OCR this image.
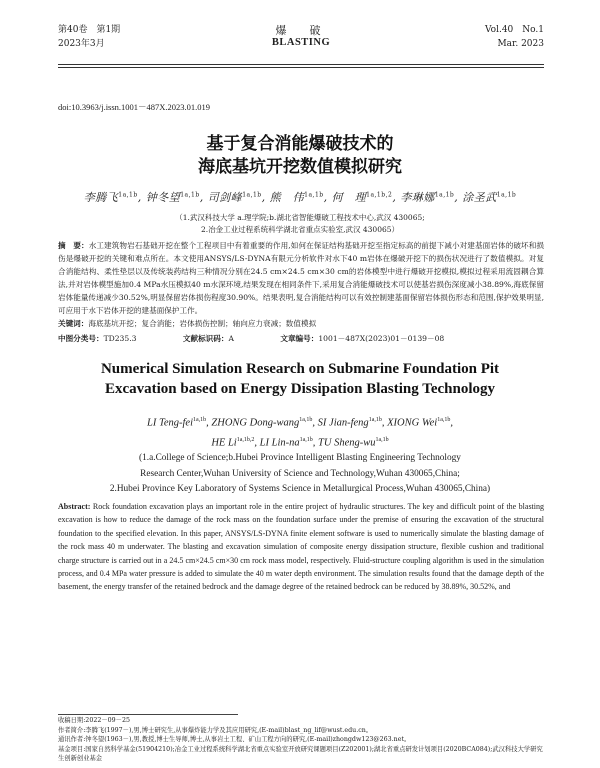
第40卷　第1期
2023年3月
爆　破
BLASTING
Vol.40　No.1
Mar. 2023
doi:10.3963/j.issn.1001－487X.2023.01.019
基于复合消能爆破技术的
海底基坑开挖数值模拟研究
李腾飞$^{1a,1b}$, 钟冬望$^{1a,1b}$, 司剑峰$^{1a,1b}$, 熊　伟$^{1a,1b}$, 何　理$^{1a,1b,2}$, 李琳娜$^{1a,1b}$, 涂圣武$^{1a,1b}$
（1.武汉科技大学 a.理学院;b.湖北省智能爆破工程技术中心,武汉 430065;
2.冶金工业过程系统科学湖北省重点实验室,武汉 430065）
摘　要：水工建筑物岩石基础开挖在整个工程项目中有着重要的作用,如何在保证结构基础开挖至指定标高的前提下减小对建基面岩体的破坏和损伤是爆破开挖的关键和难点所在。本文使用ANSYS/LS-DYNA有限元分析软件对水下40 m岩体在爆破开挖下的损伤状况进行了数值模拟。对复合消能结构、柔性垫层以及传统装药结构三种情况分别在24.5 cm×24.5 cm×30 cm的岩体模型中进行爆破开挖模拟,模拟过程采用流固耦合算法,并对岩体模型施加0.4 MPa水压模拟40 m水深环境,结果发现在相同条件下,采用复合消能爆破技术可以使基岩损伤深度减小38.89%,海底保留岩体能量传递减少30.52%,明显保留岩体损伤程度30.90%。结果表明,复合消能结构可以有效控制建基面保留岩体损伤形态和范围,保护效果明显,可应用于水下岩体开挖的建基面保护工作。
关键词：海底基坑开挖；复合消能；岩体损伤控制；轴向应力衰减；数值模拟
中图分类号：TD235.3	文献标识码：A	文章编号：1001－487X(2023)01－0139－08
Numerical Simulation Research on Submarine Foundation Pit
Excavation based on Energy Dissipation Blasting Technology
LI Teng-fei$^{1a,1b}$, ZHONG Dong-wang$^{1a,1b}$, SI Jian-feng$^{1a,1b}$, XIONG Wei$^{1a,1b}$,
HE $Li^{1a,1b,2}$, LI Lin-$na^{1a,1b}$, TU Sheng-$wu^{1a,1b}$
(1.a.College of Science;b.Hubei Province Intelligent Blasting Engineering Technology
Research Center,Wuhan University of Science and Technology,Wuhan 430065,China;
2.Hubei Province Key Laboratory of Systems Science in Metallurgical Process,Wuhan 430065,China)
Abstract: Rock foundation excavation plays an important role in the entire project of hydraulic structures. The key and difficult point of the blasting excavation is how to reduce the damage of the rock mass on the foundation surface under the premise of ensuring the excavation of the structural foundation to the specified elevation. In this paper, ANSYS/LS-DYNA finite element software is used to numerically simulate the blasting damage of the rock mass 40 m underwater. The blasting and excavation simulation of composite energy dissipation structure, flexible cushion and traditional charge structure is carried out in a 24.5 cm×24.5 cm×30 cm rock mass model, respectively. Fluid-structure coupling algorithm is used in the simulation process, and 0.4 MPa water pressure is added to simulate the 40 m water depth environment. The simulation results found that the damage depth of the basement, the energy transfer of the retained bedrock and the damage degree of the retained bedrock can be reduced by 38.89%, 30.52%, and
收稿日期:2022－09－25
作者简介:李腾飞(1997－),男,博士研究生,从事爆炸能力学及其应用研究,(E-mail)blast_ng_lif@wust.edu.cn。
通讯作者:钟冬望(1963－),男,教授,博士生导师,博士,从事岩土工程、矿山工程方向的研究,(E-mail)zhongdw123@263.net。
基金项目:国家自然科学基金(51904210);冶金工业过程系统科学湖北省重点实验室开放研究课题项目(Z202001);湖北省重点研发计划项目(2020BCA084);武汉科技大学研究生创新创业基金
